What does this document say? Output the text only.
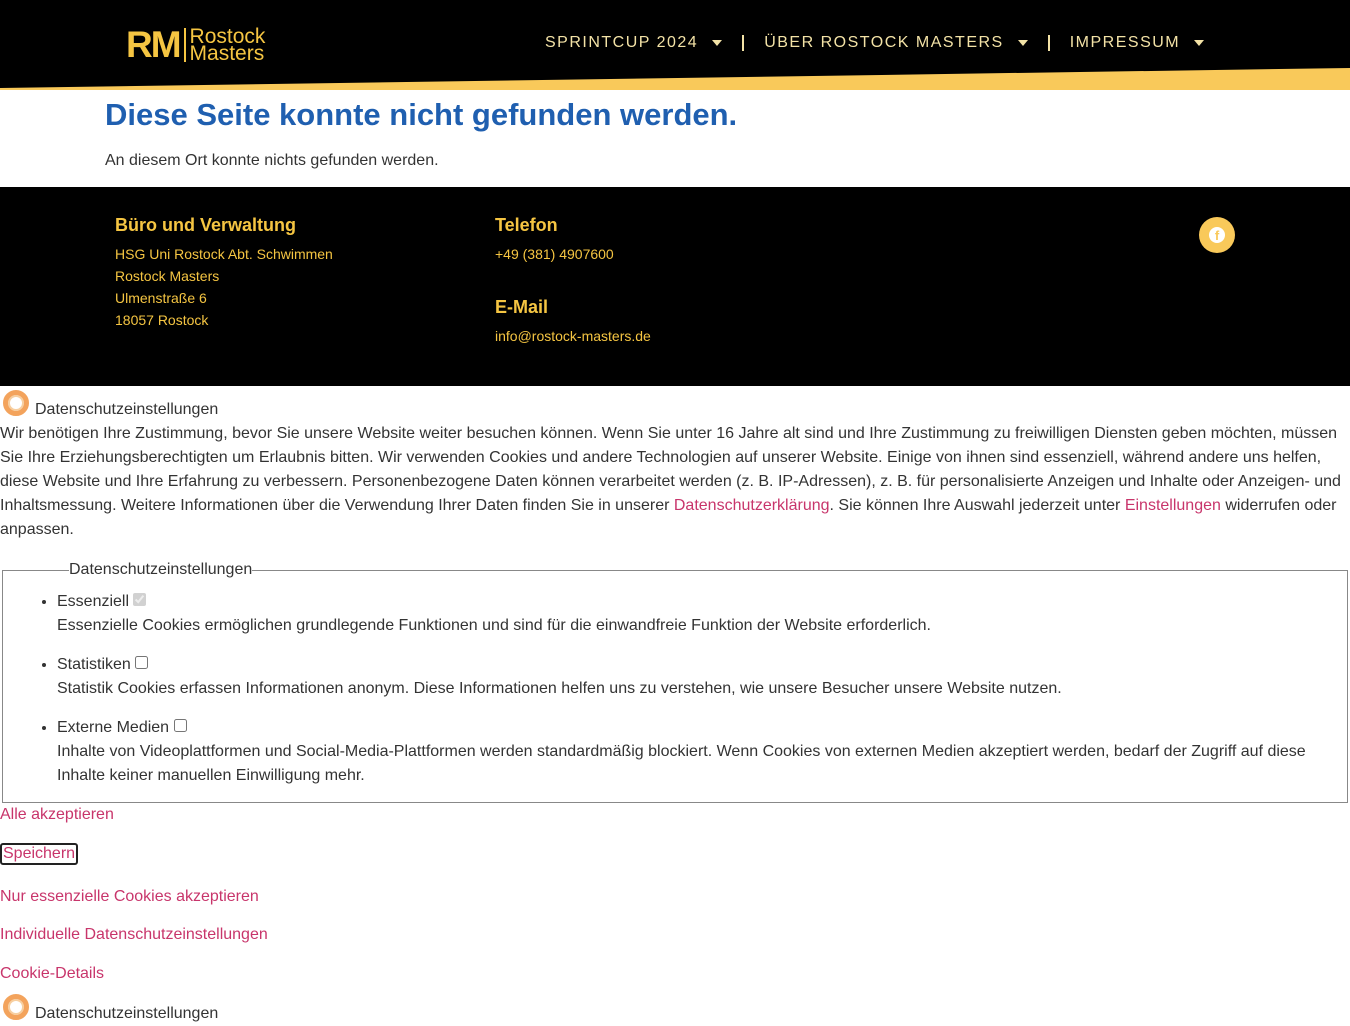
RM Rostock
Masters	SPRINTCUP 2024	ÜBER ROSTOCK MASTERS	IMPRESSUM
Diese Seite konnte nicht gefunden werden.

An diesem Ort konnte nichts gefunden werden.

Büro und Verwaltung

HSG Uni Rostock Abt. Schwimmen

Rostock Masters

Ulmenstraße 6

18057 Rostock

Telefon

+49 (381) 4907600

E-Mail

info@rostock-masters.de

f
Datenschutzeinstellungen

Wir benötigen Ihre Zustimmung, bevor Sie unsere Website weiter besuchen können. Wenn Sie unter 16 Jahre alt sind und Ihre Zustimmung zu freiwilligen Diensten geben möchten, müssen Sie Ihre Erziehungsberechtigten um Erlaubnis bitten. Wir verwenden Cookies und andere Technologien auf unserer Website. Einige von ihnen sind essenziell, während andere uns helfen, diese Website und Ihre Erfahrung zu verbessern. Personenbezogene Daten können verarbeitet werden (z. B. IP-Adressen), z. B. für personalisierte Anzeigen und Inhalte oder Anzeigen- und Inhaltsmessung. Weitere Informationen über die Verwendung Ihrer Daten finden Sie in unserer Datenschutzerklärung. Sie können Ihre Auswahl jederzeit unter Einstellungen widerrufen oder anpassen.

Datenschutzeinstellungen
• Essenziell
Essenzielle Cookies ermöglichen grundlegende Funktionen und sind für die einwandfreie Funktion der Website erforderlich.
• Statistiken
Statistik Cookies erfassen Informationen anonym. Diese Informationen helfen uns zu verstehen, wie unsere Besucher unsere Website nutzen.
• Externe Medien
Inhalte von Videoplattformen und Social-Media-Plattformen werden standardmäßig blockiert. Wenn Cookies von externen Medien akzeptiert werden, bedarf der Zugriff auf diese Inhalte keiner manuellen Einwilligung mehr.
Alle akzeptieren
Speichern
Nur essenzielle Cookies akzeptieren
Individuelle Datenschutzeinstellungen
Cookie-Details
Datenschutzeinstellungen
